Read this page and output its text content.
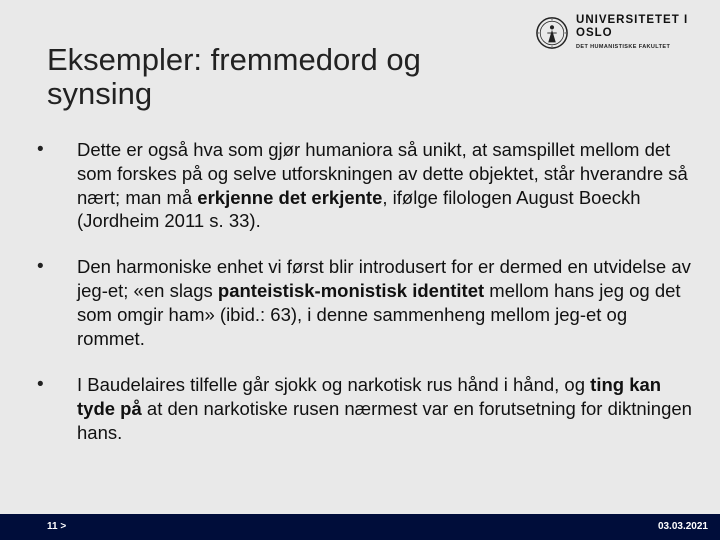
UNIVERSITETET I OSLO
DET HUMANISTISKE FAKULTET
Eksempler: fremmedord og
synsing
•	Dette er også hva som gjør humaniora så unikt, at samspillet mellom det som forskes på og selve utforskningen av dette objektet, står hverandre så nært; man må erkjenne det erkjente, ifølge filologen August Boeckh (Jordheim 2011 s. 33).
•	Den harmoniske enhet vi først blir introdusert for er dermed en utvidelse av jeg-et; «en slags panteistisk-monistisk identitet mellom hans jeg og det som omgir ham» (ibid.: 63), i denne sammenheng mellom jeg-et og rommet.
•	I Baudelaires tilfelle går sjokk og narkotisk rus hånd i hånd, og ting kan tyde på at den narkotiske rusen nærmest var en forutsetning for diktningen hans.
11 >	03.03.2021
